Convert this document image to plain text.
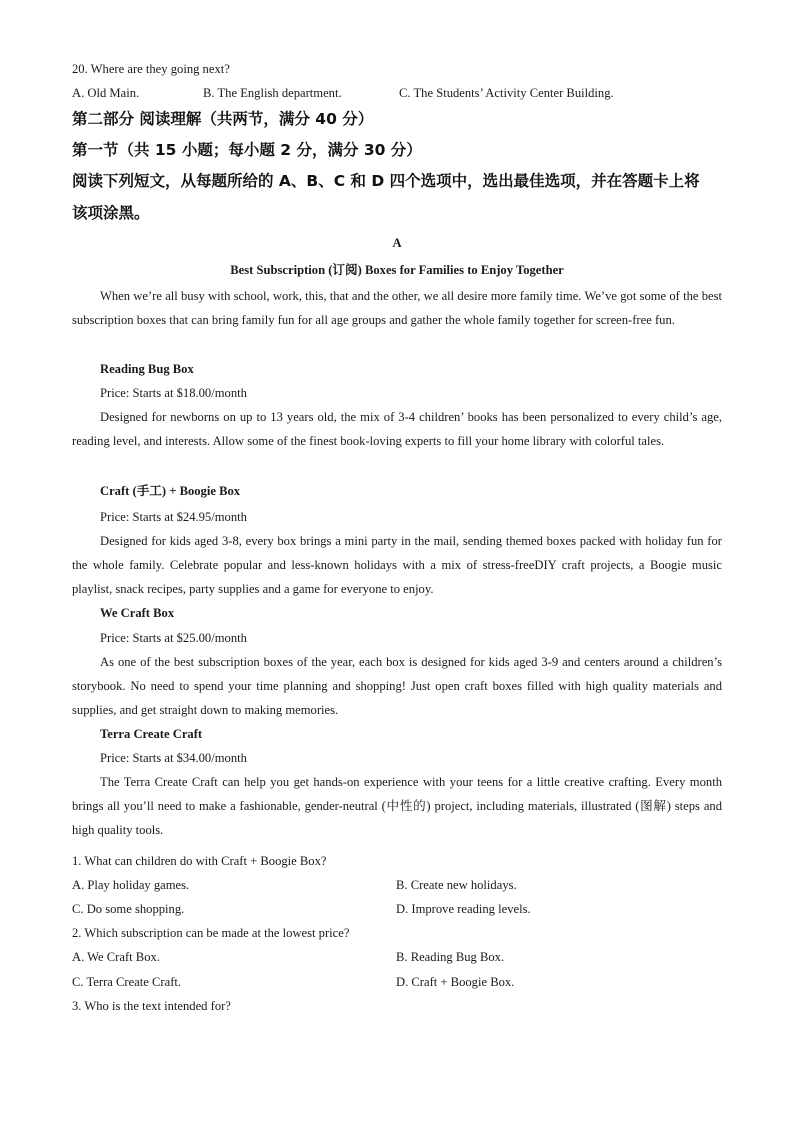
20. Where are they going next?
A. Old Main.	B. The English department.	C. The Students’ Activity Center Building.
第二部分 阅读理解（共两节，满分 40 分）
第一节（共 15 小题；每小题 2 分，满分 30 分）
阅读下列短文，从每题所给的 A、B、C 和 D 四个选项中，选出最佳选项，并在答题卡上将
该项涂黑。
A
Best Subscription (订阅) Boxes for Families to Enjoy Together
When we’re all busy with school, work, this, that and the other, we all desire more family time. We’ve got some of the best subscription boxes that can bring family fun for all age groups and gather the whole family together for screen-free fun.
Reading Bug Box
Price: Starts at $18.00/month
Designed for newborns on up to 13 years old, the mix of 3-4 children’ books has been personalized to every child’s age, reading level, and interests. Allow some of the finest book-loving experts to fill your home library with colorful tales.
Craft (手工) + Boogie Box
Price: Starts at $24.95/month
Designed for kids aged 3-8, every box brings a mini party in the mail, sending themed boxes packed with holiday fun for the whole family. Celebrate popular and less-known holidays with a mix of stress-freeDIY craft projects, a Boogie music playlist, snack recipes, party supplies and a game for everyone to enjoy.
We Craft Box
Price: Starts at $25.00/month
As one of the best subscription boxes of the year, each box is designed for kids aged 3-9 and centers around a children’s storybook. No need to spend your time planning and shopping! Just open craft boxes filled with high quality materials and supplies, and get straight down to making memories.
Terra Create Craft
Price: Starts at $34.00/month
The Terra Create Craft can help you get hands-on experience with your teens for a little creative crafting. Every month brings all you’ll need to make a fashionable, gender-neutral (中性的) project, including materials, illustrated (图解) steps and high quality tools.
1. What can children do with Craft + Boogie Box?
A. Play holiday games.	B. Create new holidays.
C. Do some shopping.	D. Improve reading levels.
2. Which subscription can be made at the lowest price?
A. We Craft Box.	B. Reading Bug Box.
C. Terra Create Craft.	D. Craft + Boogie Box.
3. Who is the text intended for?
